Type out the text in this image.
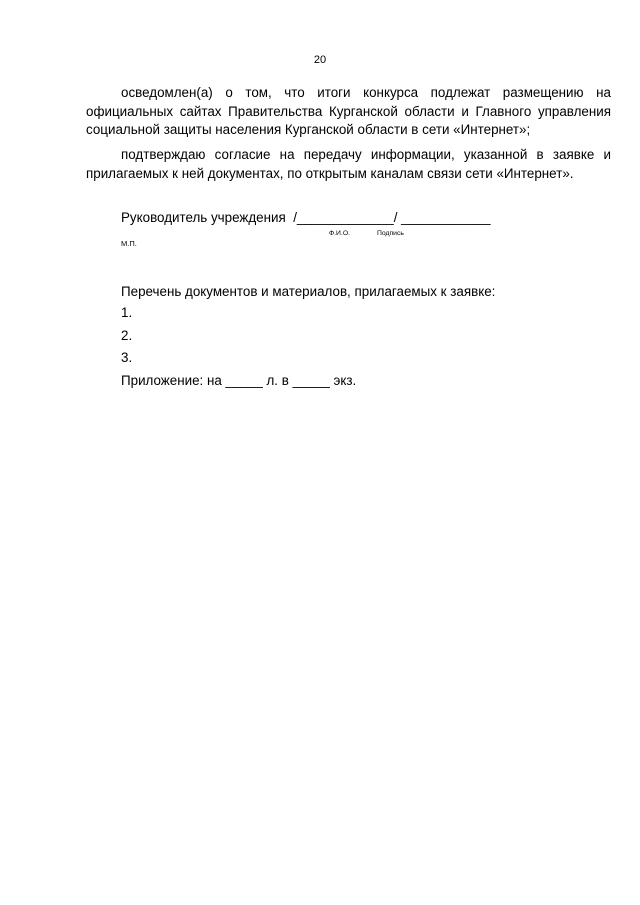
20

осведомлен(а) о том, что итоги конкурса подлежат размещению на официальных сайтах Правительства Курганской области и Главного управления социальной защиты населения Курганской области в сети «Интернет»;

подтверждаю согласие на передачу информации, указанной в заявке и прилагаемых к ней документах, по открытым каналам связи сети «Интернет».

Руководитель учреждения  /_____________/ ____________
Ф.И.О.	Подпись
М.П.
Перечень документов и материалов, прилагаемых к заявке:
1.
2.
3.
Приложение: на _____ л. в _____ экз.
